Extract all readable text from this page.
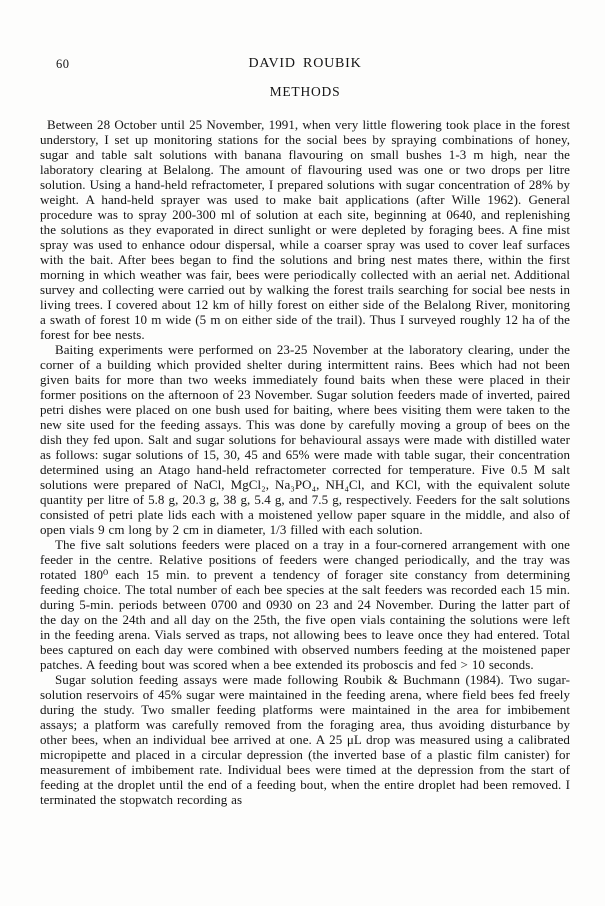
60	DAVID ROUBIK
METHODS

Between 28 October until 25 November, 1991, when very little flowering took place in the forest understory, I set up monitoring stations for the social bees by spraying combinations of honey, sugar and table salt solutions with banana flavouring on small bushes 1-3 m high, near the laboratory clearing at Belalong. The amount of flavouring used was one or two drops per litre solution. Using a hand-held refractometer, I prepared solutions with sugar concentration of 28% by weight. A hand-held sprayer was used to make bait applications (after Wille 1962). General procedure was to spray 200-300 ml of solution at each site, beginning at 0640, and replenishing the solutions as they evaporated in direct sunlight or were depleted by foraging bees. A fine mist spray was used to enhance odour dispersal, while a coarser spray was used to cover leaf surfaces with the bait. After bees began to find the solutions and bring nest mates there, within the first morning in which weather was fair, bees were periodically collected with an aerial net. Additional survey and collecting were carried out by walking the forest trails searching for social bee nests in living trees. I covered about 12 km of hilly forest on either side of the Belalong River, monitoring a swath of forest 10 m wide (5 m on either side of the trail). Thus I surveyed roughly 12 ha of the forest for bee nests.

Baiting experiments were performed on 23-25 November at the laboratory clearing, under the corner of a building which provided shelter during intermittent rains. Bees which had not been given baits for more than two weeks immediately found baits when these were placed in their former positions on the afternoon of 23 November. Sugar solution feeders made of inverted, paired petri dishes were placed on one bush used for baiting, where bees visiting them were taken to the new site used for the feeding assays. This was done by carefully moving a group of bees on the dish they fed upon. Salt and sugar solutions for behavioural assays were made with distilled water as follows: sugar solutions of 15, 30, 45 and 65% were made with table sugar, their concentration determined using an Atago hand-held refractometer corrected for temperature. Five 0.5 M salt solutions were prepared of NaCl, MgCl₂, Na₃PO₄, NH₄Cl, and KCl, with the equivalent solute quantity per litre of 5.8 g, 20.3 g, 38 g, 5.4 g, and 7.5 g, respectively. Feeders for the salt solutions consisted of petri plate lids each with a moistened yellow paper square in the middle, and also of open vials 9 cm long by 2 cm in diameter, 1/3 filled with each solution.

The five salt solutions feeders were placed on a tray in a four-cornered arrangement with one feeder in the centre. Relative positions of feeders were changed periodically, and the tray was rotated 180⁰ each 15 min. to prevent a tendency of forager site constancy from determining feeding choice. The total number of each bee species at the salt feeders was recorded each 15 min. during 5-min. periods between 0700 and 0930 on 23 and 24 November. During the latter part of the day on the 24th and all day on the 25th, the five open vials containing the solutions were left in the feeding arena. Vials served as traps, not allowing bees to leave once they had entered. Total bees captured on each day were combined with observed numbers feeding at the moistened paper patches. A feeding bout was scored when a bee extended its proboscis and fed > 10 seconds.

Sugar solution feeding assays were made following Roubik & Buchmann (1984). Two sugar-solution reservoirs of 45% sugar were maintained in the feeding arena, where field bees fed freely during the study. Two smaller feeding platforms were maintained in the area for imbibement assays; a platform was carefully removed from the foraging area, thus avoiding disturbance by other bees, when an individual bee arrived at one. A 25 μL drop was measured using a calibrated micropipette and placed in a circular depression (the inverted base of a plastic film canister) for measurement of imbibement rate. Individual bees were timed at the depression from the start of feeding at the droplet until the end of a feeding bout, when the entire droplet had been removed. I terminated the stopwatch recording as
